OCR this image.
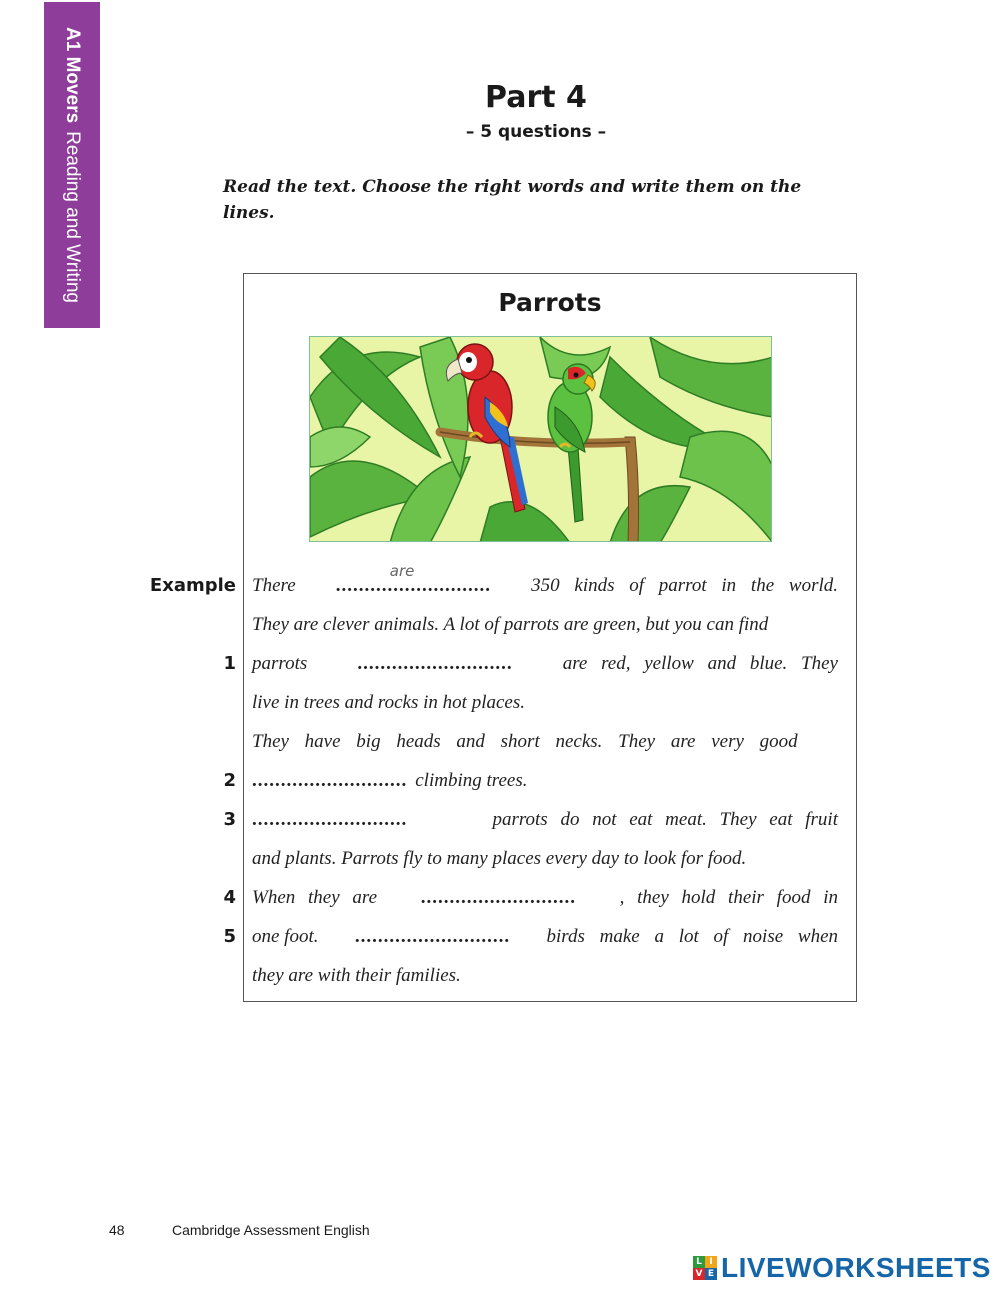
A1 MoversReading and Writing
Part 4
– 5 questions –
Read the text. Choose the right words and write them on the lines.
Parrots
Example
1
2
3
4
5
There
are
........................... 350 kinds of parrot in the world.
They are clever animals. A lot of parrots are green, but you can find
parrots	...........................	are red, yellow and blue. They
live in trees and rocks in hot places.
They have big heads and short necks. They are very good
........................... climbing trees.
...........................	parrots do not eat meat. They eat fruit
and plants. Parrots fly to many places every day to look for food.
When they are ........................... , they hold their food in
one foot. ........................... birds make a lot of noise when
they are with their families.
48	Cambridge Assessment English
L I
V E LIVEWORKSHEETS
